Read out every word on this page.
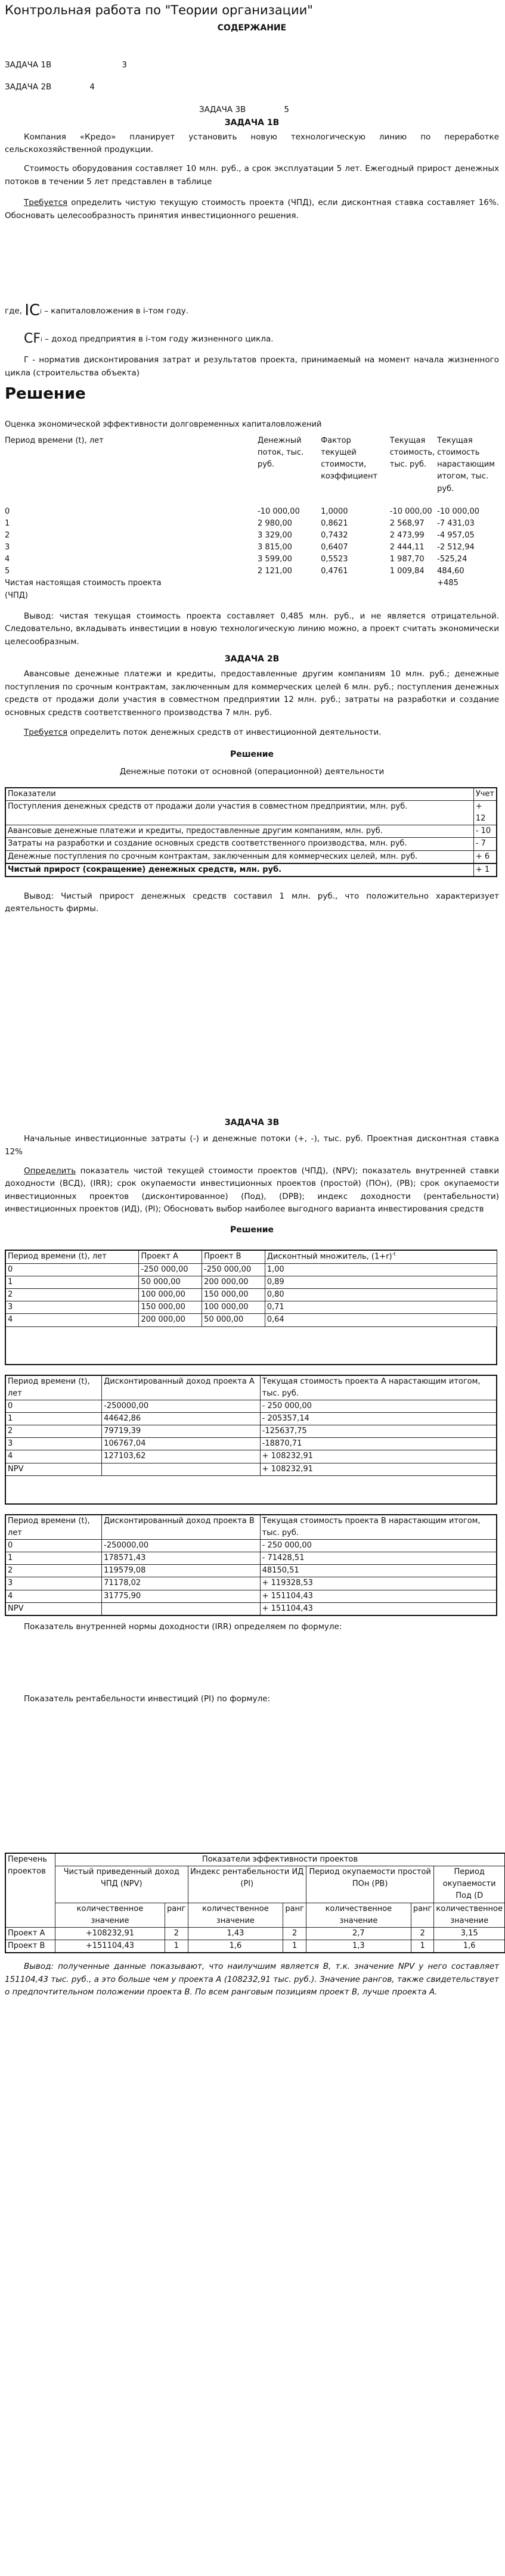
Контрольная работа по "Теории организации"

СОДЕРЖАНИЕ

ЗАДАЧА 1В	3

ЗАДАЧА 2В	4

ЗАДАЧА 3В	5

ЗАДАЧА 1В

Компания «Кредо» планирует установить новую технологическую линию по переработке сельскохозяйственной продукции.

Стоимость оборудования составляет 10 млн. руб., а срок эксплуатации 5 лет. Ежегодный прирост денежных потоков в течении 5 лет представлен в таблице

Требуется определить чистую текущую стоимость проекта (ЧПД), если дисконтная ставка составляет 16%. Обосновать целесообразность принятия инвестиционного решения.

где, ICi – капиталовложения в i-том году.

CFi – доход предприятия в i-том году жизненного цикла.

Г - норматив дисконтирования затрат и результатов проекта, принимаемый на момент начала жизненного цикла (строительства объекта)

Решение

Оценка экономической эффективности долговременных капиталовложений

Период времени (t), лет	Денежный поток, тыс. руб.	Фактор текущей стоимости, коэффициент	Текущая стоимость, тыс. руб.	Текущая стоимость нарастающим итогом, тыс. руб.

0	-10 000,00	1,0000	-10 000,00	-10 000,00
1	2 980,00	0,8621	2 568,97	-7 431,03
2	3 329,00	0,7432	2 473,99	-4 957,05
3	3 815,00	0,6407	2 444,11	-2 512,94
4	3 599,00	0,5523	1 987,70	-525,24
5	2 121,00	0,4761	1 009,84	484,60
Чистая настоящая стоимость проекта (ЧПД)				+485

Вывод: чистая текущая стоимость проекта составляет 0,485 млн. руб., и не является отрицательной. Следовательно, вкладывать инвестиции в новую технологическую линию можно, а проект считать экономически целесообразным.

ЗАДАЧА 2В

Авансовые денежные платежи и кредиты, предоставленные другим компаниям 10 млн. руб.; денежные поступления по срочным контрактам, заключенным для коммерческих целей 6 млн. руб.; поступления денежных средств от продажи доли участия в совместном предприятии 12 млн. руб.; затраты на разработки и создание основных средств соответственного производства 7 млн. руб.

Требуется определить поток денежных средств от инвестиционной деятельности.

Решение

Денежные потоки от основной (операционной) деятельности

Показатели	Учет
Поступления денежных средств от продажи доли участия в совместном предприятии, млн. руб.	+ 12
Авансовые денежные платежи и кредиты, предоставленные другим компаниям, млн. руб.	- 10
Затраты на разработки и создание основных средств соответственного производства, млн. руб.	- 7
Денежные поступления по срочным контрактам, заключенным для коммерческих целей, млн. руб.	+ 6
Чистый прирост (сокращение) денежных средств, млн. руб.	+ 1

Вывод: Чистый прирост денежных средств составил 1 млн. руб., что положительно характеризует деятельность фирмы.

ЗАДАЧА 3В

Начальные инвестиционные затраты (-) и денежные потоки (+, -), тыс. руб. Проектная дисконтная ставка 12%

Определить показатель чистой текущей стоимости проектов (ЧПД), (NPV); показатель внутренней ставки доходности (ВСД), (IRR); срок окупаемости инвестиционных проектов (простой) (ПОн), (PB); срок окупаемости инвестиционных проектов (дисконтированное) (Под), (DPB); индекс доходности (рентабельности) инвестиционных проектов (ИД), (PI); Обосновать выбор наиболее выгодного варианта инвестирования средств

Решение

Период времени (t), лет	Проект А	Проект В	Дисконтный множитель, $(1+r)^{-t}$
0	-250 000,00	-250 000,00	1,00
1	50 000,00	200 000,00	0,89
2	100 000,00	150 000,00	0,80
3	150 000,00	100 000,00	0,71
4	200 000,00	50 000,00	0,64

Период времени (t), лет	Дисконтированный доход проекта А	Текущая стоимость проекта А нарастающим итогом, тыс. руб.
0	-250000,00	- 250 000,00
1	44642,86	- 205357,14
2	79719,39	-125637,75
3	106767,04	-18870,71
4	127103,62	+ 108232,91
NPV		+ 108232,91

Период времени (t), лет	Дисконтированный доход проекта В	Текущая стоимость проекта В нарастающим итогом, тыс. руб.
0	-250000,00	- 250 000,00
1	178571,43	- 71428,51
2	119579,08	48150,51
3	71178,02	+ 119328,53
4	31775,90	+ 151104,43
NPV		+ 151104,43

Показатель внутренней нормы доходности (IRR) определяем по формуле:

Показатель рентабельности инвестиций (PI) по формуле:

Перечень проектов	Показатели эффективности проектов						
	Чистый приведенный доход ЧПД (NPV)		Индекс рентабельности ИД (PI)		Период окупаемости простой ПОн (PB)		Период окупаемости Под (D
	количественное значение	ранг	количественное значение	ранг	количественное значение	ранг	количественное значение
Проект А	+108232,91	2	1,43	2	2,7	2	3,15
Проект В	+151104,43	1	1,6	1	1,3	1	1,6

Вывод: полученные данные показывают, что наилучшим является В, т.к. значение NPV у него составляет 151104,43 тыс. руб., а это больше чем у проекта А (108232,91 тыс. руб.). Значение рангов, также свидетельствует о предпочтительном положении проекта В. По всем ранговым позициям проект В, лучше проекта А.
